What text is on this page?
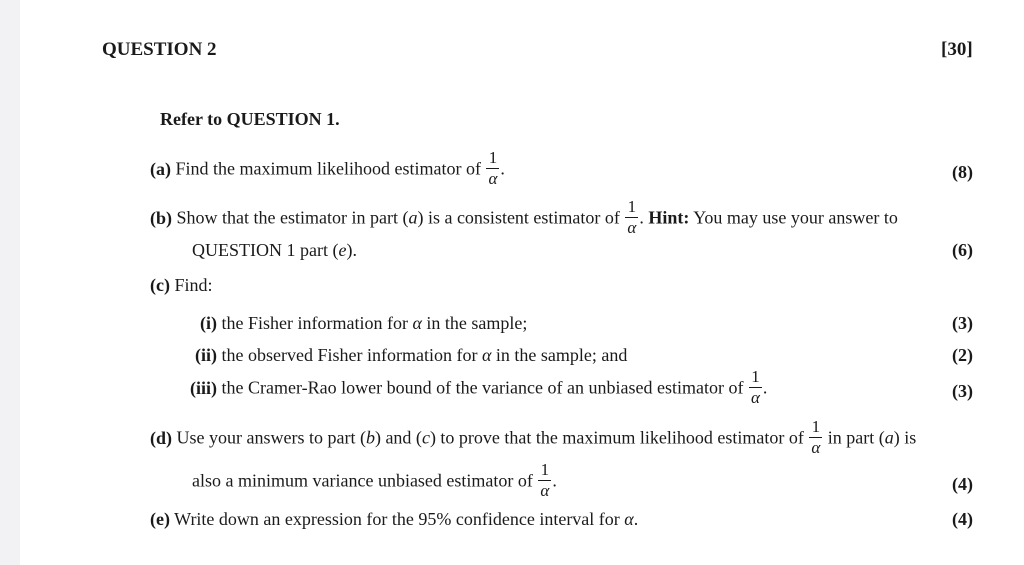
QUESTION 2	[30]
Refer to QUESTION 1.
(a) Find the maximum likelihood estimator of $\frac{1}{\alpha}$ .	(8)
(b) Show that the estimator in part (a) is a consistent estimator of $\frac{1}{\alpha}$ . Hint: You may use your answer to
QUESTION 1 part (e).	(6)
(c) Find:
(i) the Fisher information for α in the sample;	(3)
(ii) the observed Fisher information for α in the sample; and	(2)
(iii) the Cramer-Rao lower bound of the variance of an unbiased estimator of $\frac{1}{\alpha}$ .	(3)
(d) Use your answers to part (b) and (c) to prove that the maximum likelihood estimator of $\frac{1}{\alpha}$ in part (a) is
also a minimum variance unbiased estimator of $\frac{1}{\alpha}$ .	(4)
(e) Write down an expression for the 95% confidence interval for α.	(4)
